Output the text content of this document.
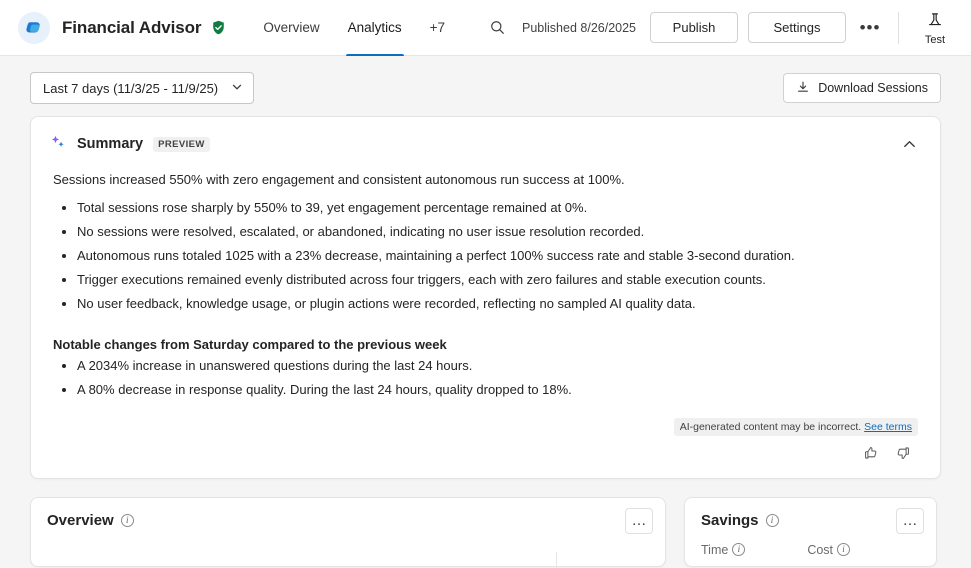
Financial Advisor	Overview Analytics +7	Published 8/26/2025	Publish	Settings	•••
Test
Last 7 days (11/3/25 - 11/9/25)	Download Sessions
Summary	PREVIEW

Sessions increased 550% with zero engagement and consistent autonomous run success at 100%.

• Total sessions rose sharply by 550% to 39, yet engagement percentage remained at 0%.
• No sessions were resolved, escalated, or abandoned, indicating no user issue resolution recorded.
• Autonomous runs totaled 1025 with a 23% decrease, maintaining a perfect 100% success rate and stable 3-second duration.
• Trigger executions remained evenly distributed across four triggers, each with zero failures and stable execution counts.
• No user feedback, knowledge usage, or plugin actions were recorded, reflecting no sampled AI quality data.
Notable changes from Saturday compared to the previous week
• A 2034% increase in unanswered questions during the last 24 hours.
• A 80% decrease in response quality. During the last 24 hours, quality dropped to 18%.
AI-generated content may be incorrect. See terms
Overview	i	…	Savings	i	…
Time	i	Cost	i
